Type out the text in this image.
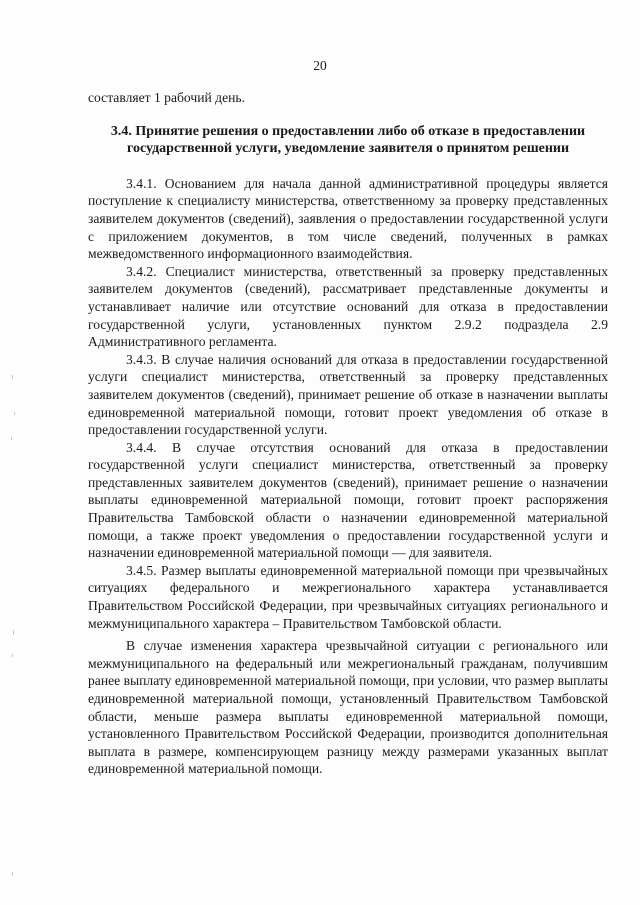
20

составляет 1 рабочий день.

3.4. Принятие решения о предоставлении либо об отказе в предоставлении государственной услуги, уведомление заявителя о принятом решении

3.4.1. Основанием для начала данной административной процедуры является поступление к специалисту министерства, ответственному за проверку представленных заявителем документов (сведений), заявления о предоставлении государственной услуги с приложением документов, в том числе сведений, полученных в рамках межведомственного информационного взаимодействия.

3.4.2. Специалист министерства, ответственный за проверку представленных заявителем документов (сведений), рассматривает представленные документы и устанавливает наличие или отсутствие оснований для отказа в предоставлении государственной услуги, установленных пунктом 2.9.2 подраздела 2.9 Административного регламента.

3.4.3. В случае наличия оснований для отказа в предоставлении государственной услуги специалист министерства, ответственный за проверку представленных заявителем документов (сведений), принимает решение об отказе в назначении выплаты единовременной материальной помощи, готовит проект уведомления об отказе в предоставлении государственной услуги.

3.4.4. В случае отсутствия оснований для отказа в предоставлении государственной услуги специалист министерства, ответственный за проверку представленных заявителем документов (сведений), принимает решение о назначении выплаты единовременной материальной помощи, готовит проект распоряжения Правительства Тамбовской области о назначении единовременной материальной помощи, а также проект уведомления о предоставлении государственной услуги и назначении единовременной материальной помощи — для заявителя.

3.4.5. Размер выплаты единовременной материальной помощи при чрезвычайных ситуациях федерального и межрегионального характера устанавливается Правительством Российской Федерации, при чрезвычайных ситуациях регионального и межмуниципального характера – Правительством Тамбовской области.

В случае изменения характера чрезвычайной ситуации с регионального или межмуниципального на федеральный или межрегиональный гражданам, получившим ранее выплату единовременной материальной помощи, при условии, что размер выплаты единовременной материальной помощи, установленный Правительством Тамбовской области, меньше размера выплаты единовременной материальной помощи, установленного Правительством Российской Федерации, производится дополнительная выплата в размере, компенсирующем разницу между размерами указанных выплат единовременной материальной помощи.
